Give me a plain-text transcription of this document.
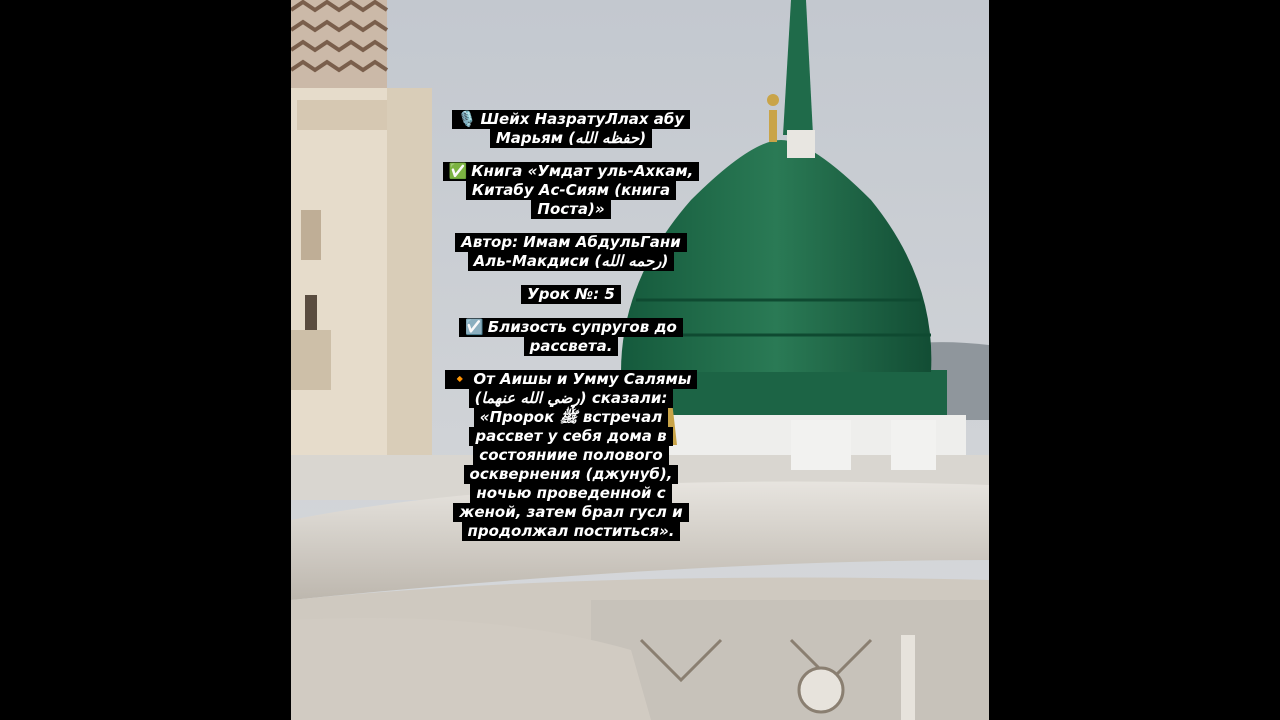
🎙️ Шейх НазратуЛлах абу
Марьям (حفظه الله)
✅ Книга «Умдат уль-Ахкам,
Китабу Ас-Сиям (книга
Поста)»
Автор: Имам АбдульГани
Аль-Макдиси (رحمه الله)
Урок №: 5
☑️ Близость супругов до
рассвета.
🔸 От Аишы и Умму Салямы
(رضي الله عنهما) сказали:
«Пророк ﷺ встречал
рассвет у себя дома в
состояниие полового
осквернения (джунуб),
ночью проведенной с
женой, затем брал гусл и
продолжал поститься».
